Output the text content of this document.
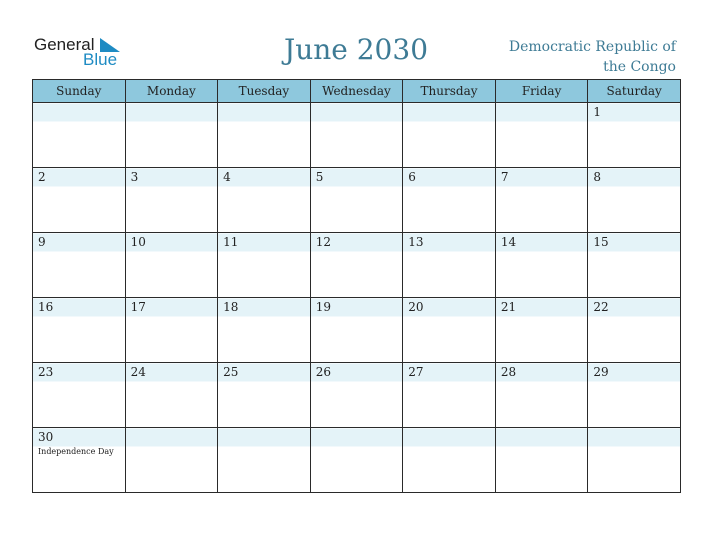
General
Blue	June 2030	Democratic Republic of
the Congo
Sunday	Monday	Tuesday	Wednesday	Thursday	Friday	Saturday

						1

2	3	4	5	6	7	8

9	10	11	12	13	14	15

16	17	18	19	20	21	22

23	24	25	26	27	28	29

30
Independence Day						
